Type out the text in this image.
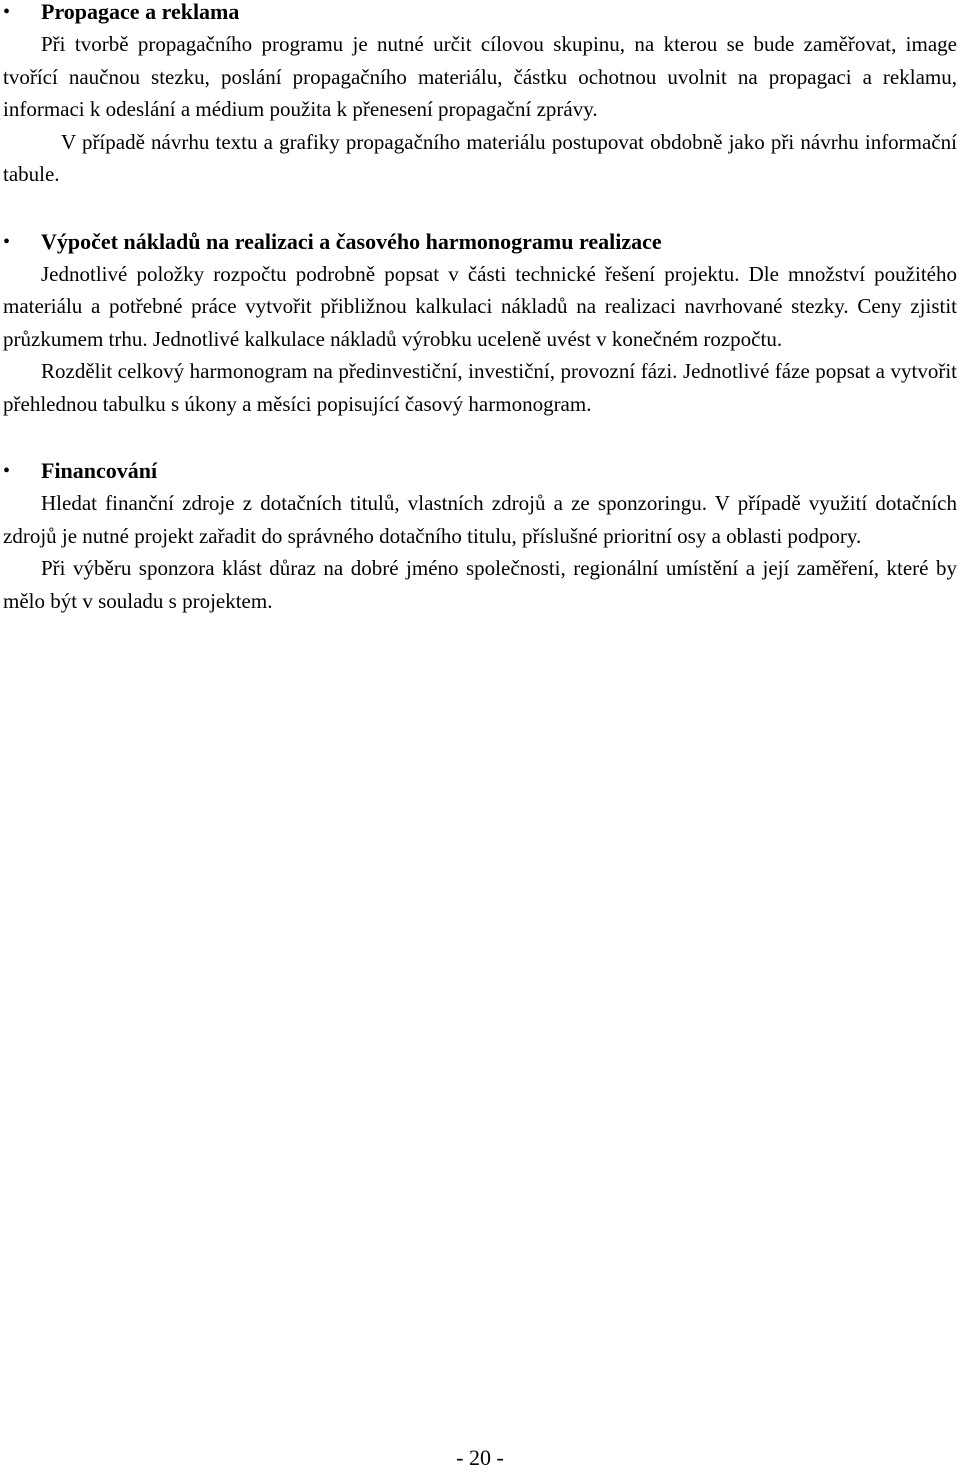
•	Propagace a reklama

Při tvorbě propagačního programu je nutné určit cílovou skupinu, na kterou se bude zaměřovat, image tvořící naučnou stezku, poslání propagačního materiálu, částku ochotnou uvolnit na propagaci a reklamu, informaci k odeslání a médium použita k přenesení propagační zprávy.

V případě návrhu textu a grafiky propagačního materiálu postupovat obdobně jako při návrhu informační tabule.

•	Výpočet nákladů na realizaci a časového harmonogramu realizace

Jednotlivé položky rozpočtu podrobně popsat v části technické řešení projektu. Dle množství použitého materiálu a potřebné práce vytvořit přibližnou kalkulaci nákladů na realizaci navrhované stezky. Ceny zjistit průzkumem trhu. Jednotlivé kalkulace nákladů výrobku uceleně uvést v konečném rozpočtu.

Rozdělit celkový harmonogram na předinvestiční, investiční, provozní fázi. Jednotlivé fáze popsat a vytvořit přehlednou tabulku s úkony a měsíci popisující časový harmonogram.

•	Financování

Hledat finanční zdroje z dotačních titulů, vlastních zdrojů a ze sponzoringu. V případě využití dotačních zdrojů je nutné projekt zařadit do správného dotačního titulu, příslušné prioritní osy a oblasti podpory.

Při výběru sponzora klást důraz na dobré jméno společnosti, regionální umístění a její zaměření, které by mělo být v souladu s projektem.

- 20 -
